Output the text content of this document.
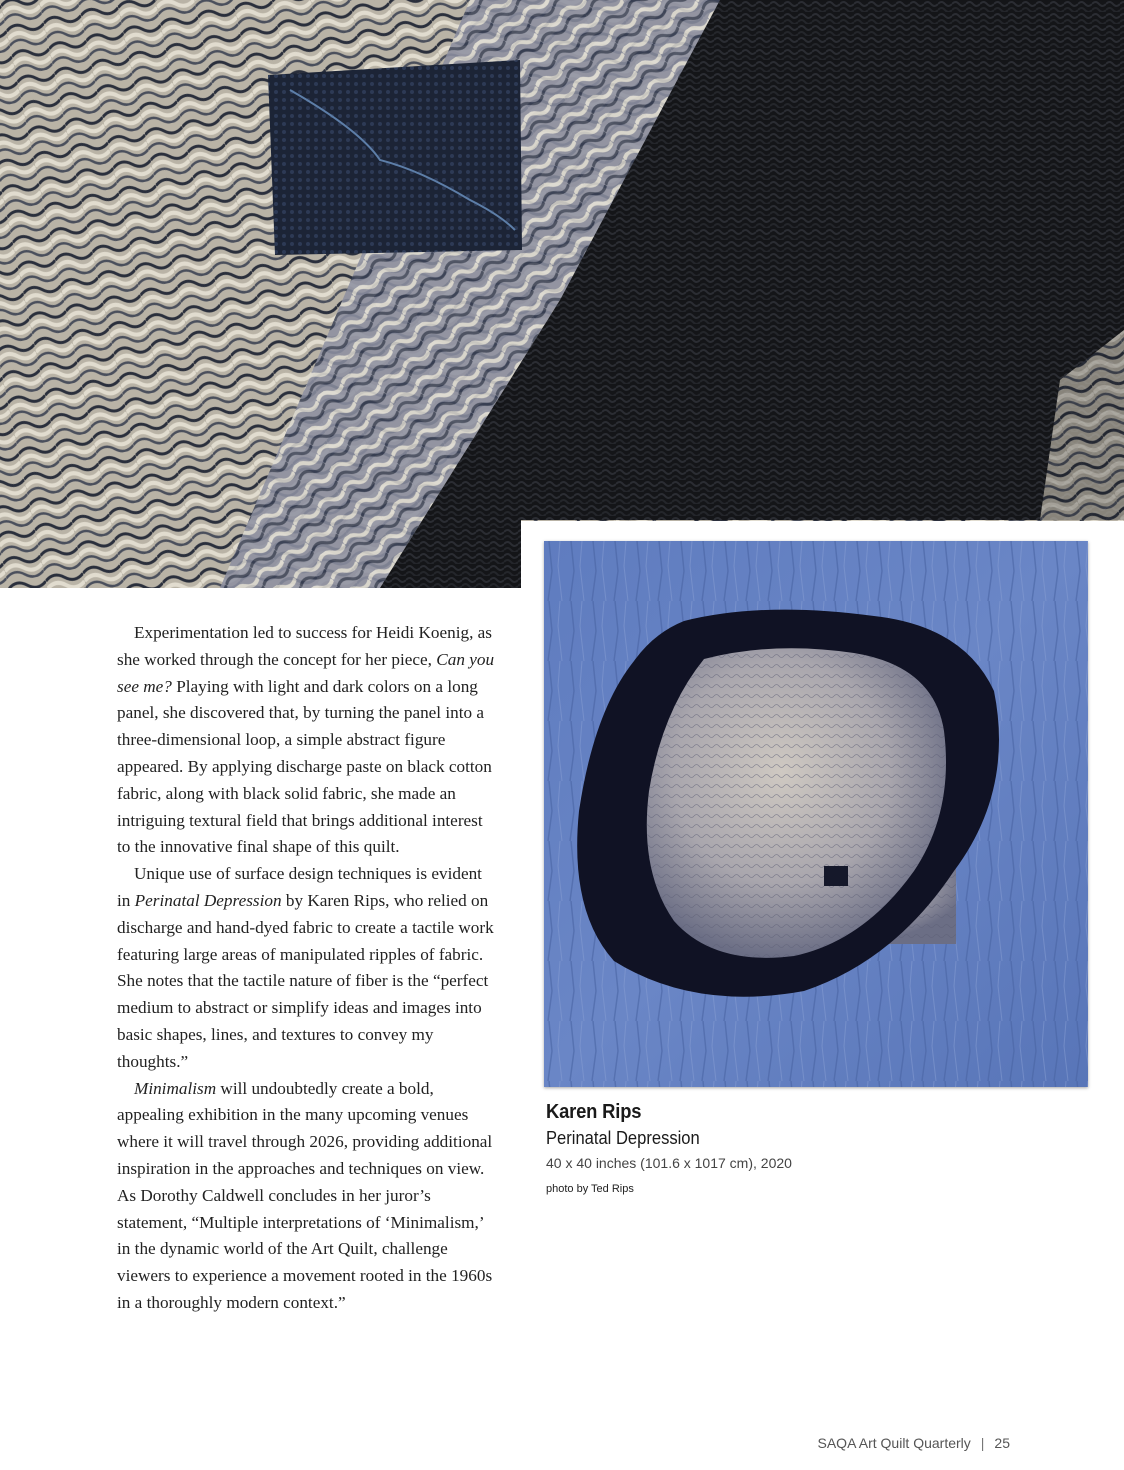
Experimentation led to success for Heidi Koenig, as she worked through the concept for her piece, Can you see me? Playing with light and dark colors on a long panel, she discovered that, by turning the panel into a three-dimensional loop, a simple abstract figure appeared. By applying discharge paste on black cotton fabric, along with black solid fabric, she made an intriguing textural field that brings additional interest to the innovative final shape of this quilt.

Unique use of surface design techniques is evident in Perinatal Depression by Karen Rips, who relied on discharge and hand-dyed fabric to create a tactile work featuring large areas of manipulated ripples of fabric. She notes that the tactile nature of fiber is the “perfect medium to abstract or simplify ideas and images into basic shapes, lines, and textures to convey my thoughts.”

Minimalism will undoubtedly create a bold, appealing exhibition in the many upcoming venues where it will travel through 2026, providing additional inspiration in the approaches and techniques on view. As Dorothy Caldwell concludes in her juror’s statement, “Multiple interpretations of ‘Minimalism,’ in the dynamic world of the Art Quilt, challenge viewers to experience a movement rooted in the 1960s in a thoroughly modern context.”

Karen Rips
Perinatal Depression
40 x 40 inches (101.6 x 1017 cm), 2020
photo by Ted Rips
SAQA Art Quilt Quarterly | 25
